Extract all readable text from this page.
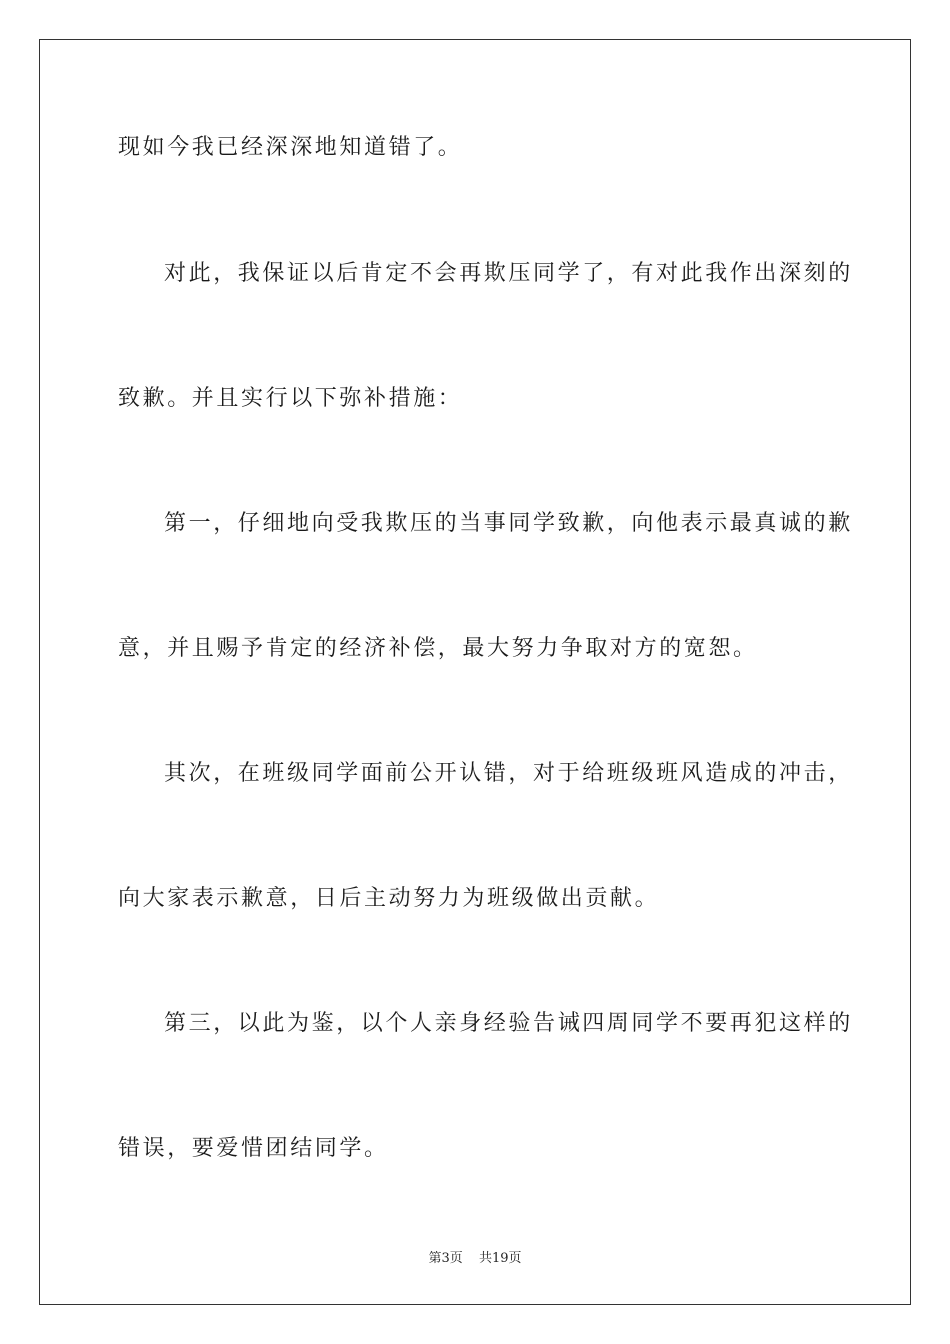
现如今我已经深深地知道错了。
对此，我保证以后肯定不会再欺压同学了，有对此我作出深刻的
致歉。并且实行以下弥补措施：
第一，仔细地向受我欺压的当事同学致歉，向他表示最真诚的歉
意，并且赐予肯定的经济补偿，最大努力争取对方的宽恕。
其次，在班级同学面前公开认错，对于给班级班风造成的冲击，
向大家表示歉意，日后主动努力为班级做出贡献。
第三，以此为鉴，以个人亲身经验告诫四周同学不要再犯这样的
错误，要爱惜团结同学。
第3页 共19页
